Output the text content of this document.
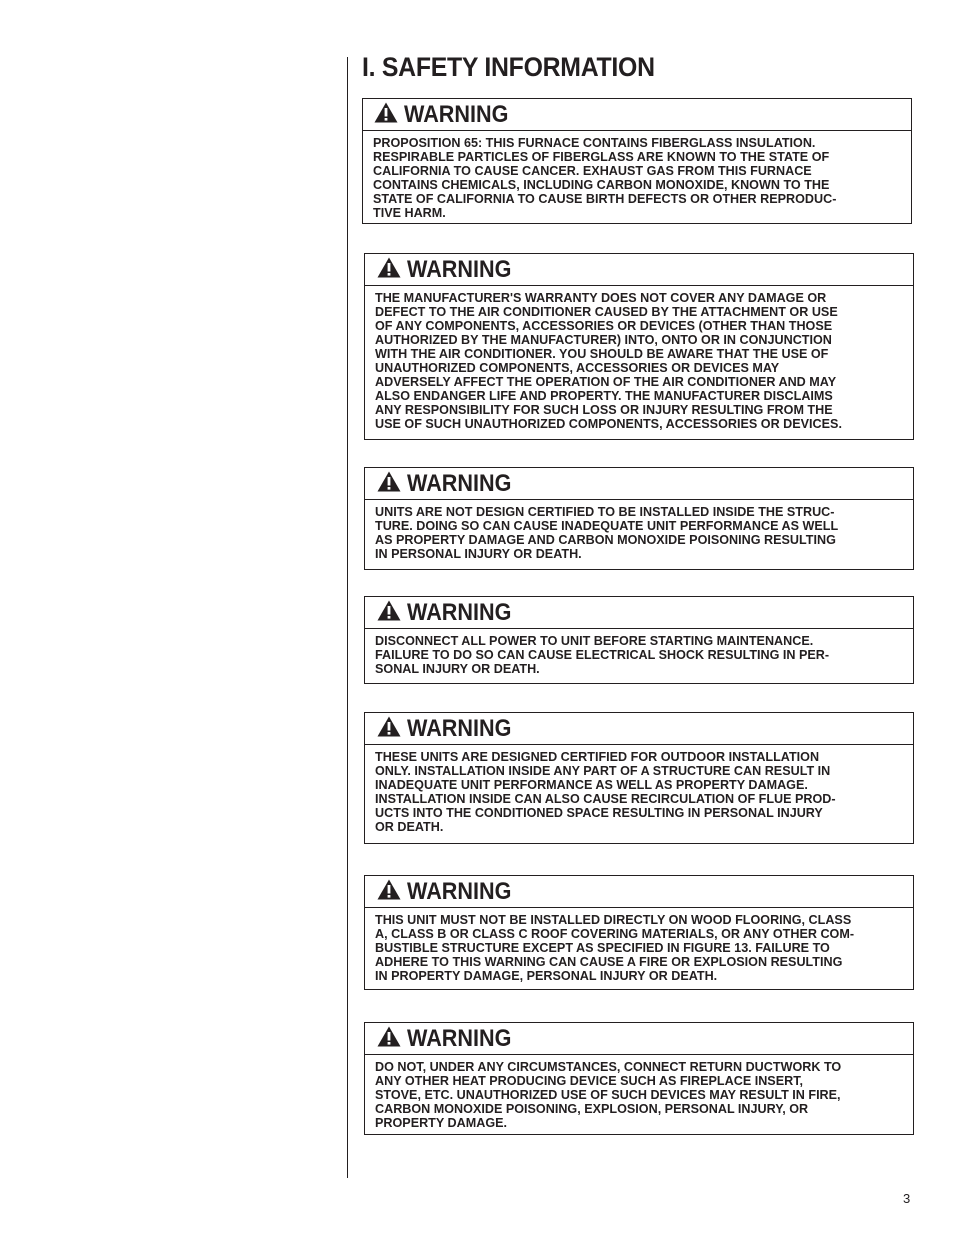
I. SAFETY INFORMATION
WARNING
PROPOSITION 65: THIS FURNACE CONTAINS FIBERGLASS INSULATION.
RESPIRABLE PARTICLES OF FIBERGLASS ARE KNOWN TO THE STATE OF
CALIFORNIA TO CAUSE CANCER. EXHAUST GAS FROM THIS FURNACE
CONTAINS CHEMICALS, INCLUDING CARBON MONOXIDE, KNOWN TO THE
STATE OF CALIFORNIA TO CAUSE BIRTH DEFECTS OR OTHER REPRODUC-
TIVE HARM.
WARNING
THE MANUFACTURER'S WARRANTY DOES NOT COVER ANY DAMAGE OR
DEFECT TO THE AIR CONDITIONER CAUSED BY THE ATTACHMENT OR USE
OF ANY COMPONENTS, ACCESSORIES OR DEVICES (OTHER THAN THOSE
AUTHORIZED BY THE MANUFACTURER) INTO, ONTO OR IN CONJUNCTION
WITH THE AIR CONDITIONER. YOU SHOULD BE AWARE THAT THE USE OF
UNAUTHORIZED COMPONENTS, ACCESSORIES OR DEVICES MAY
ADVERSELY AFFECT THE OPERATION OF THE AIR CONDITIONER AND MAY
ALSO ENDANGER LIFE AND PROPERTY. THE MANUFACTURER DISCLAIMS
ANY RESPONSIBILITY FOR SUCH LOSS OR INJURY RESULTING FROM THE
USE OF SUCH UNAUTHORIZED COMPONENTS, ACCESSORIES OR DEVICES.
WARNING
UNITS ARE NOT DESIGN CERTIFIED TO BE INSTALLED INSIDE THE STRUC-
TURE. DOING SO CAN CAUSE INADEQUATE UNIT PERFORMANCE AS WELL
AS PROPERTY DAMAGE AND CARBON MONOXIDE POISONING RESULTING
IN PERSONAL INJURY OR DEATH.
WARNING
DISCONNECT ALL POWER TO UNIT BEFORE STARTING MAINTENANCE.
FAILURE TO DO SO CAN CAUSE ELECTRICAL SHOCK RESULTING IN PER-
SONAL INJURY OR DEATH.
WARNING
THESE UNITS ARE DESIGNED CERTIFIED FOR OUTDOOR INSTALLATION
ONLY. INSTALLATION INSIDE ANY PART OF A STRUCTURE CAN RESULT IN
INADEQUATE UNIT PERFORMANCE AS WELL AS PROPERTY DAMAGE.
INSTALLATION INSIDE CAN ALSO CAUSE RECIRCULATION OF FLUE PROD-
UCTS INTO THE CONDITIONED SPACE RESULTING IN PERSONAL INJURY
OR DEATH.
WARNING
THIS UNIT MUST NOT BE INSTALLED DIRECTLY ON WOOD FLOORING, CLASS
A, CLASS B OR CLASS C ROOF COVERING MATERIALS, OR ANY OTHER COM-
BUSTIBLE STRUCTURE EXCEPT AS SPECIFIED IN FIGURE 13. FAILURE TO
ADHERE TO THIS WARNING CAN CAUSE A FIRE OR EXPLOSION RESULTING
IN PROPERTY DAMAGE, PERSONAL INJURY OR DEATH.
WARNING
DO NOT, UNDER ANY CIRCUMSTANCES, CONNECT RETURN DUCTWORK TO
ANY OTHER HEAT PRODUCING DEVICE SUCH AS FIREPLACE INSERT,
STOVE, ETC. UNAUTHORIZED USE OF SUCH DEVICES MAY RESULT IN FIRE,
CARBON MONOXIDE POISONING, EXPLOSION, PERSONAL INJURY, OR
PROPERTY DAMAGE.
3
